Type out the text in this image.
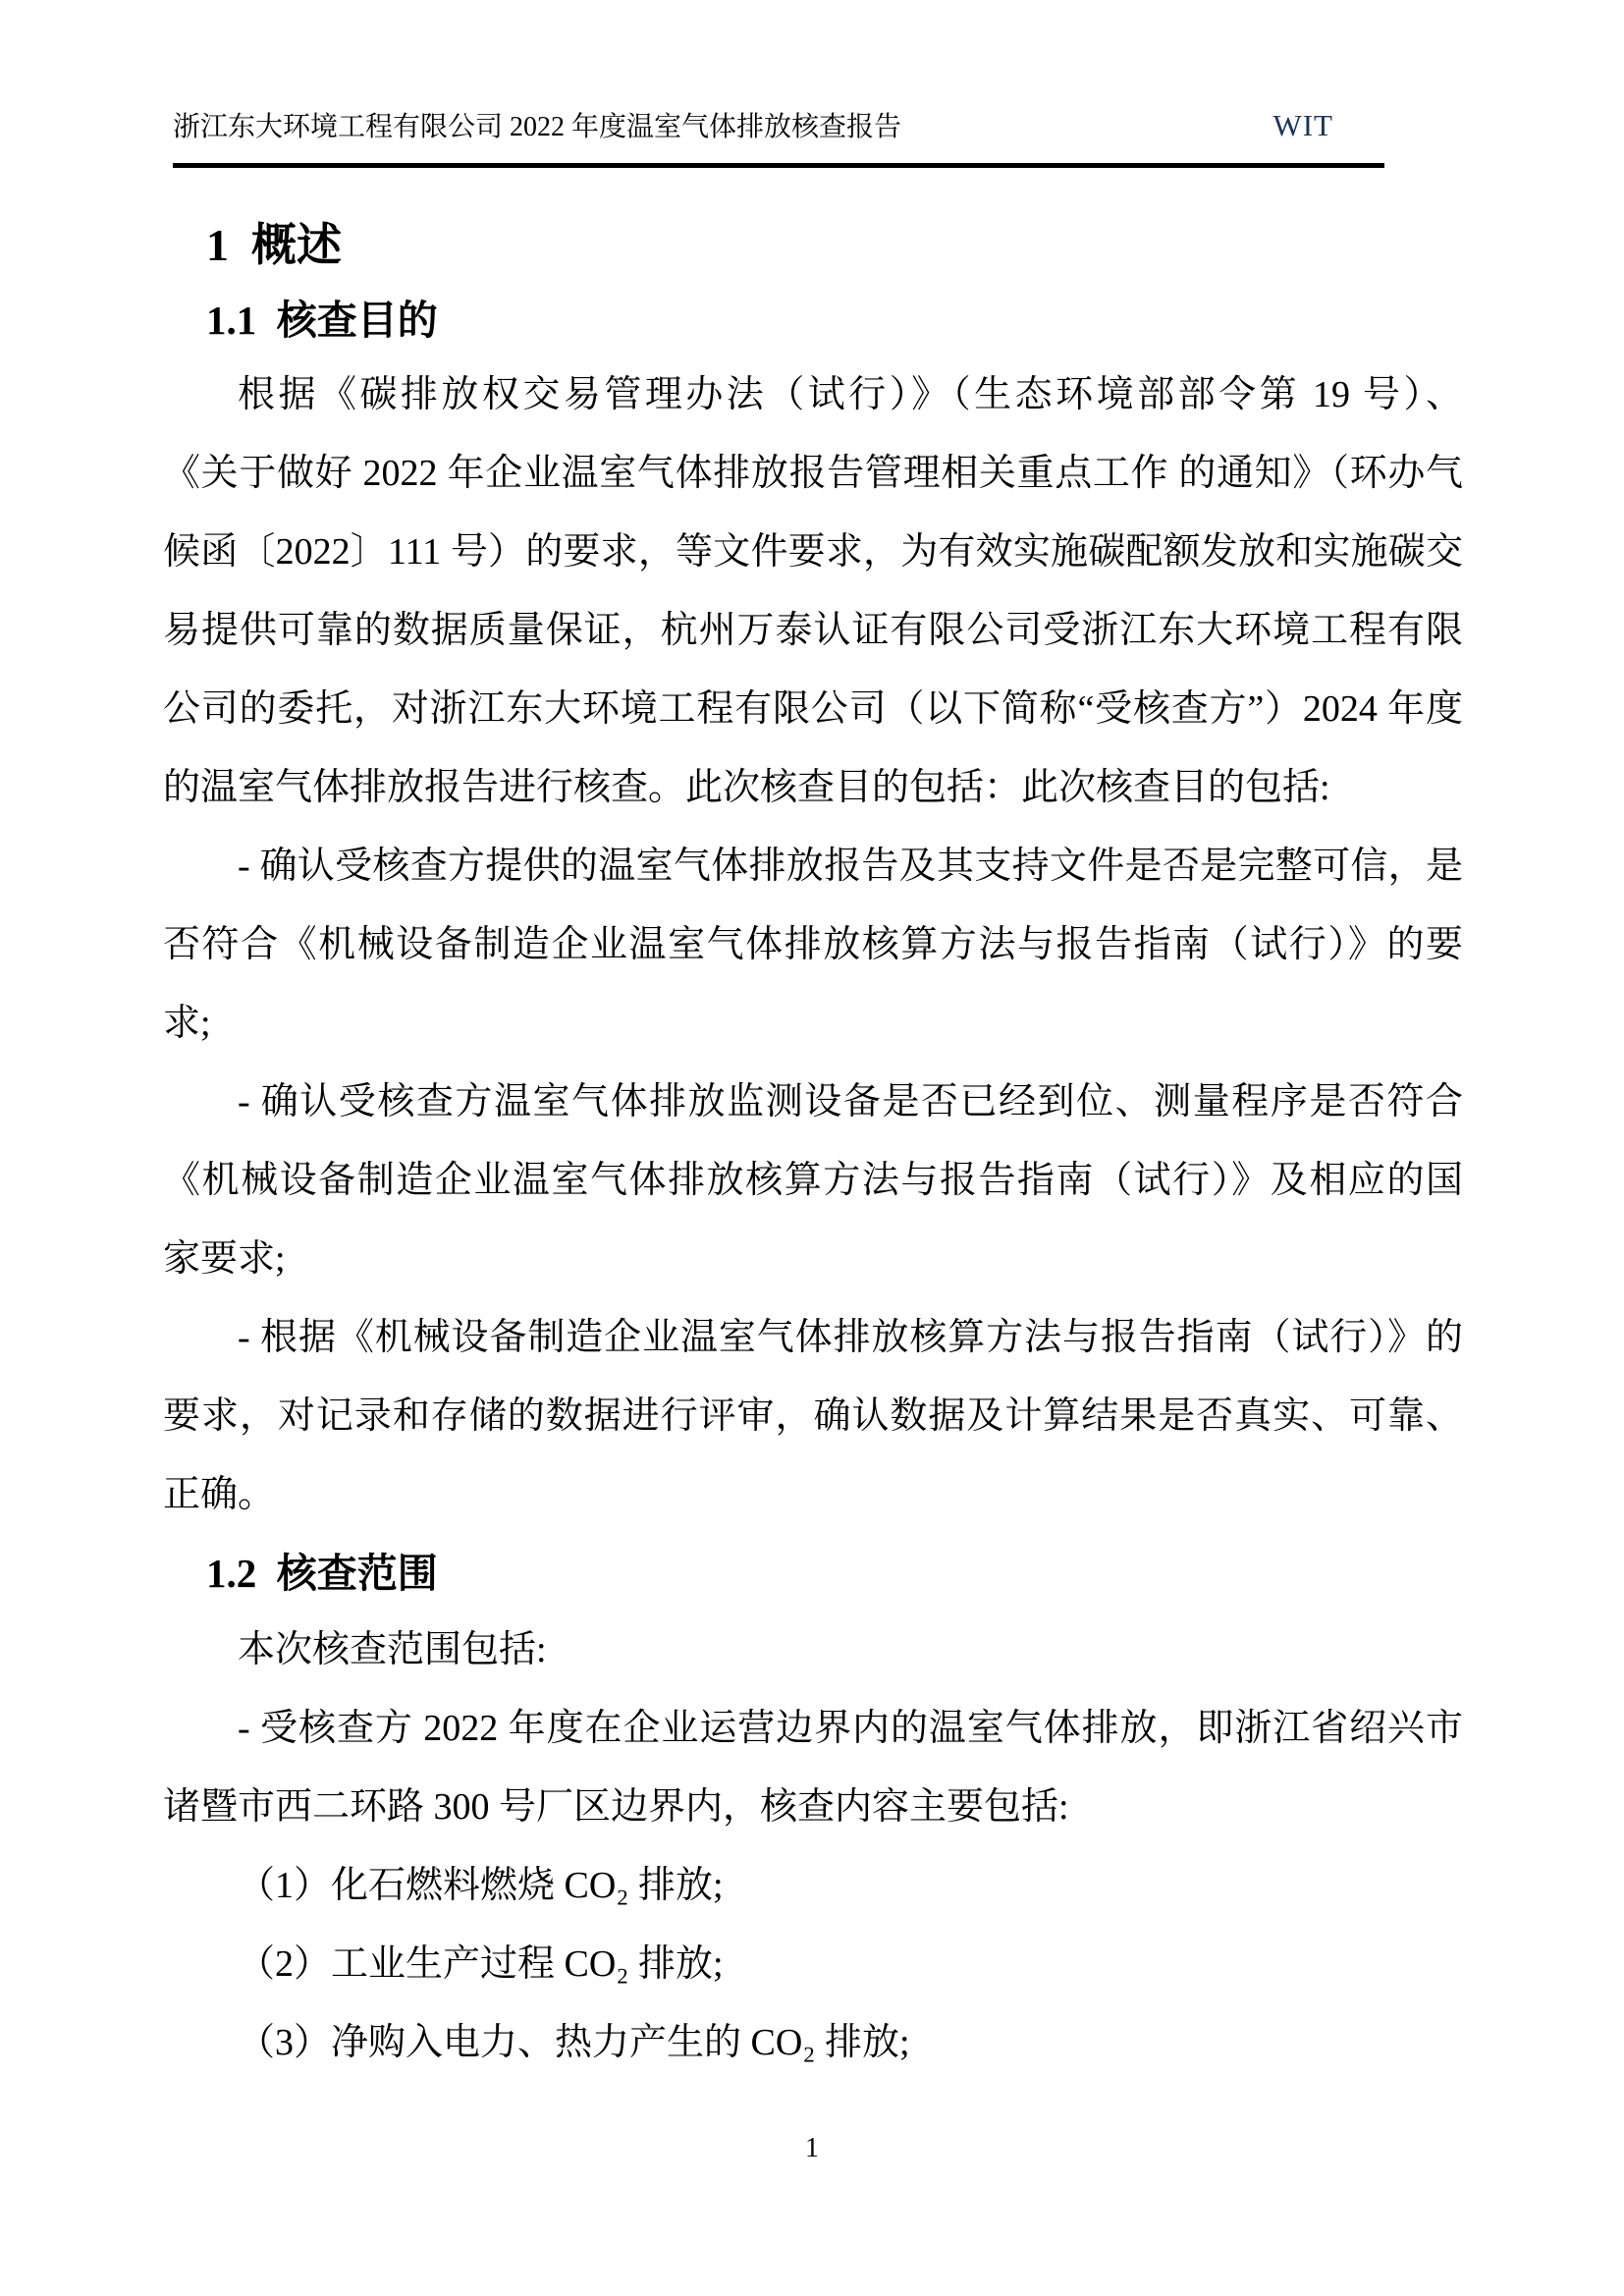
浙江东大环境工程有限公司 2022 年度温室气体排放核查报告	WIT
1  概述
1.1  核查目的
根据《碳排放权交易管理办法（试行）》（生态环境部部令第 19 号）、
《关于做好 2022 年企业温室气体排放报告管理相关重点工作 的通知》（环办气
候函〔2022〕111 号）的要求，等文件要求，为有效实施碳配额发放和实施碳交
易提供可靠的数据质量保证，杭州万泰认证有限公司受浙江东大环境工程有限
公司的委托，对浙江东大环境工程有限公司（以下简称“受核查方”）2024 年度
的温室气体排放报告进行核查。此次核查目的包括：此次核查目的包括:
- 确认受核查方提供的温室气体排放报告及其支持文件是否是完整可信，是
否符合《机械设备制造企业温室气体排放核算方法与报告指南（试行）》的要
求;
- 确认受核查方温室气体排放监测设备是否已经到位、测量程序是否符合
《机械设备制造企业温室气体排放核算方法与报告指南（试行）》及相应的国
家要求;
- 根据《机械设备制造企业温室气体排放核算方法与报告指南（试行）》的
要求，对记录和存储的数据进行评审，确认数据及计算结果是否真实、可靠、
正确。
1.2  核查范围
本次核查范围包括:
- 受核查方 2022 年度在企业运营边界内的温室气体排放，即浙江省绍兴市
诸暨市西二环路 300 号厂区边界内，核查内容主要包括:
（1）化石燃料燃烧 CO₂ 排放;
（2）工业生产过程 CO₂ 排放;
（3）净购入电力、热力产生的 CO₂ 排放;
1
